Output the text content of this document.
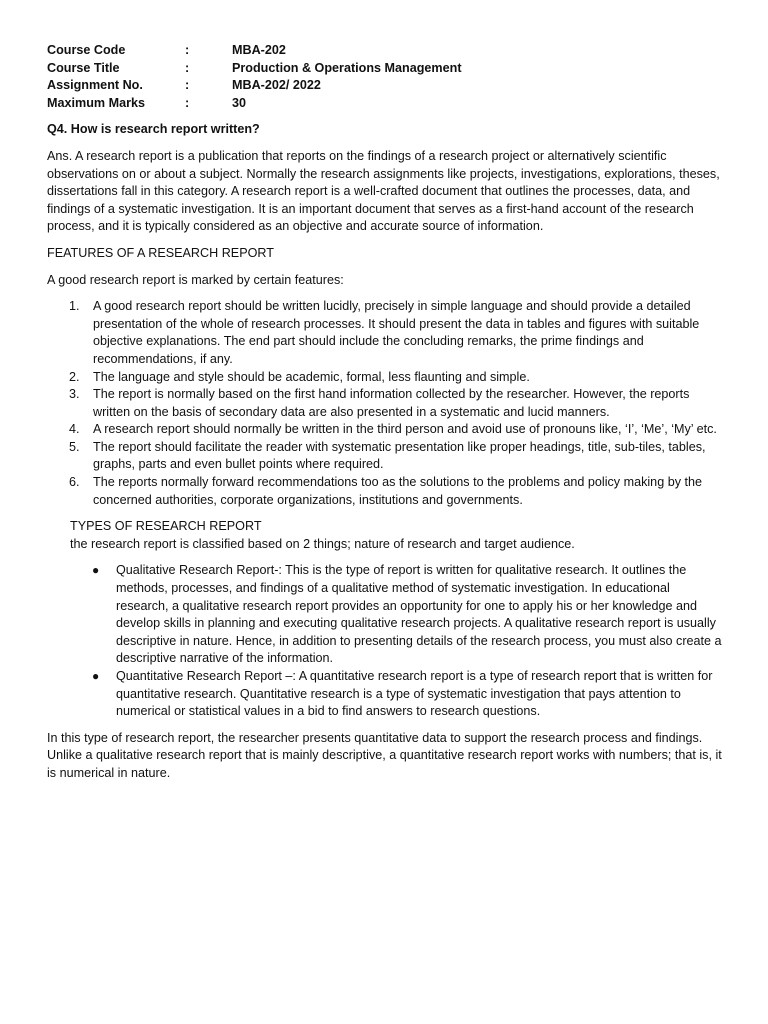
Course Code	:	MBA-202
Course Title	:	Production & Operations Management
Assignment No.	:	MBA-202/ 2022
Maximum Marks	:	30
Q4. How is research report written?

Ans. A research report is a publication that reports on the findings of a research project or alternatively scientific observations on or about a subject. Normally the research assignments like projects, investigations, explorations, theses, dissertations fall in this category. A research report is a well-crafted document that outlines the processes, data, and findings of a systematic investigation. It is an important document that serves as a first-hand account of the research process, and it is typically considered as an objective and accurate source of information.

FEATURES OF A RESEARCH REPORT

A good research report is marked by certain features:

1. A good research report should be written lucidly, precisely in simple language and should provide a detailed presentation of the whole of research processes. It should present the data in tables and figures with suitable objective explanations. The end part should include the concluding remarks, the prime findings and recommendations, if any.
2. The language and style should be academic, formal, less flaunting and simple.
3. The report is normally based on the first hand information collected by the researcher. However, the reports written on the basis of secondary data are also presented in a systematic and lucid manners.
4. A research report should normally be written in the third person and avoid use of pronouns like, ‘I’, ‘Me’, ‘My’ etc.
5. The report should facilitate the reader with systematic presentation like proper headings, title, sub-tiles, tables, graphs, parts and even bullet points where required.
6. The reports normally forward recommendations too as the solutions to the problems and policy making by the concerned authorities, corporate organizations, institutions and governments.

TYPES OF RESEARCH REPORT

the research report is classified based on 2 things; nature of research and target audience.

● Qualitative Research Report-: This is the type of report is written for qualitative research. It outlines the methods, processes, and findings of a qualitative method of systematic investigation. In educational research, a qualitative research report provides an opportunity for one to apply his or her knowledge and develop skills in planning and executing qualitative research projects. A qualitative research report is usually descriptive in nature. Hence, in addition to presenting details of the research process, you must also create a descriptive narrative of the information.
● Quantitative Research Report –: A quantitative research report is a type of research report that is written for quantitative research. Quantitative research is a type of systematic investigation that pays attention to numerical or statistical values in a bid to find answers to research questions.

In this type of research report, the researcher presents quantitative data to support the research process and findings. Unlike a qualitative research report that is mainly descriptive, a quantitative research report works with numbers; that is, it is numerical in nature.
